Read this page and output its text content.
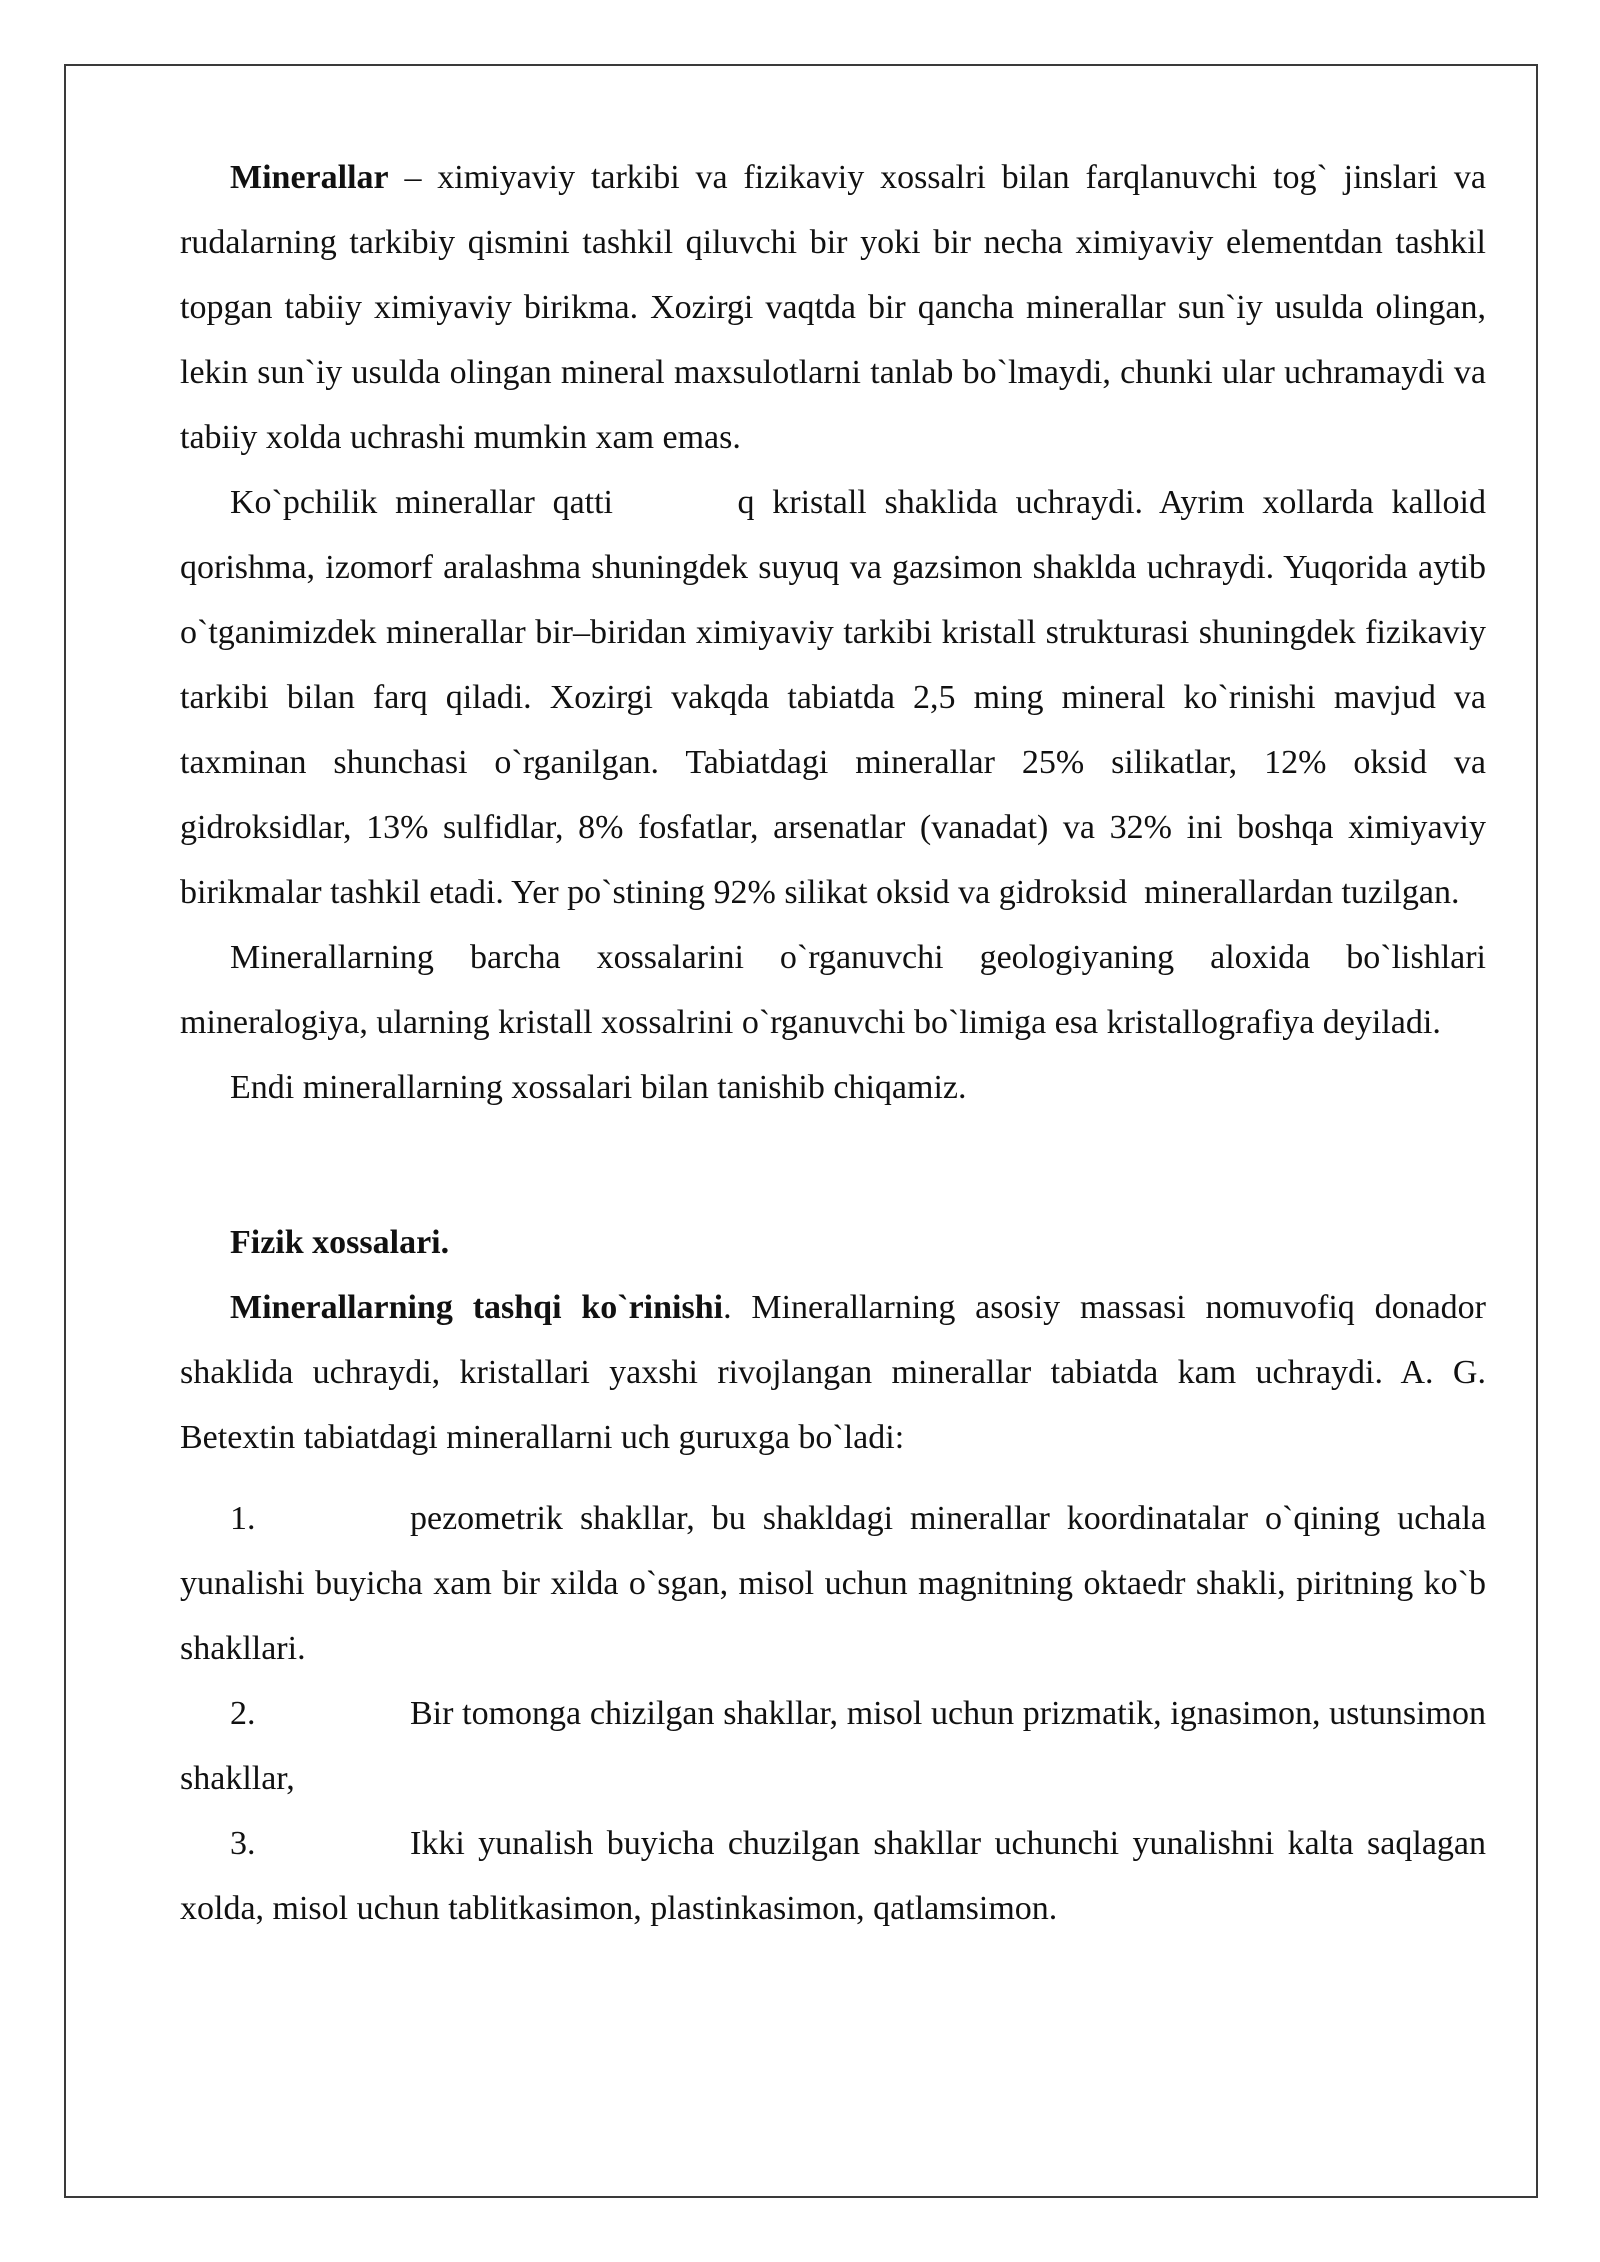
Minerallar – ximiyaviy tarkibi va fizikaviy xossalri bilan farqlanuvchi tog` jinslari va rudalarning tarkibiy qismini tashkil qiluvchi bir yoki bir necha ximiyaviy elementdan tashkil topgan tabiiy ximiyaviy birikma. Xozirgi vaqtda bir qancha minerallar sun`iy usulda olingan, lekin sun`iy usulda olingan mineral maxsulotlarni tanlab bo`lmaydi, chunki ular uchramaydi va tabiiy xolda uchrashi mumkin xam emas.

Ko`pchilik minerallar qatti       q kristall shaklida uchraydi. Ayrim xollarda kalloid qorishma, izomorf aralashma shuningdek suyuq va gazsimon shaklda uchraydi. Yuqorida aytib o`tganimizdek minerallar bir–biridan ximiyaviy tarkibi kristall strukturasi shuningdek fizikaviy tarkibi bilan farq qiladi. Xozirgi vakqda tabiatda 2,5 ming mineral ko`rinishi mavjud va taxminan shunchasi o`rganilgan. Tabiatdagi minerallar 25% silikatlar, 12% oksid va gidroksidlar, 13% sulfidlar, 8% fosfatlar, arsenatlar (vanadat) va 32% ini boshqa ximiyaviy birikmalar tashkil etadi. Yer po`stining 92% silikat oksid va gidroksid  minerallardan tuzilgan.

Minerallarning barcha xossalarini o`rganuvchi geologiyaning aloxida bo`lishlari mineralogiya, ularning kristall xossalrini o`rganuvchi bo`limiga esa kristallografiya deyiladi.

Endi minerallarning xossalari bilan tanishib chiqamiz.

Fizik xossalari.

Minerallarning tashqi ko`rinishi. Minerallarning asosiy massasi nomuvofiq donador shaklida uchraydi, kristallari yaxshi rivojlangan minerallar tabiatda kam uchraydi. A. G. Betextin tabiatdagi minerallarni uch guruxga bo`ladi:

1.	pezometrik shakllar, bu shakldagi minerallar koordinatalar o`qining uchala yunalishi buyicha xam bir xilda o`sgan, misol uchun magnitning oktaedr shakli, piritning ko`b shakllari.

2.	Bir tomonga chizilgan shakllar, misol uchun prizmatik, ignasimon, ustunsimon shakllar,

3.	Ikki yunalish buyicha chuzilgan shakllar uchunchi yunalishni kalta saqlagan xolda, misol uchun tablitkasimon, plastinkasimon, qatlamsimon.
